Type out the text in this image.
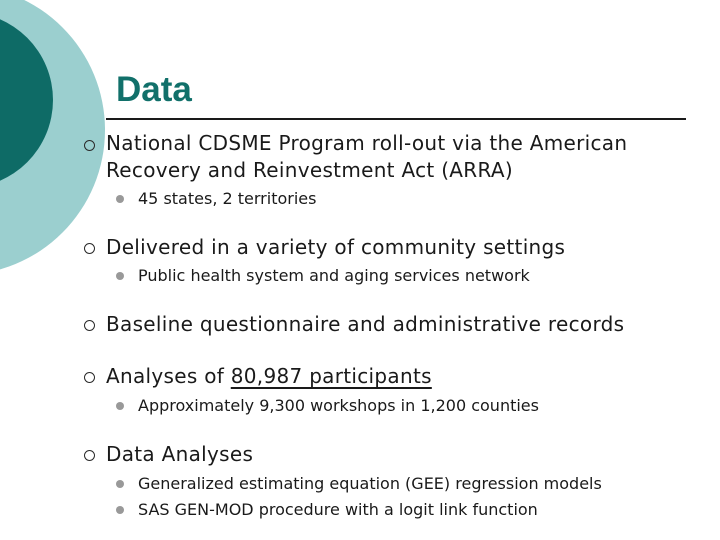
Data
National CDSME Program roll-out via the American Recovery and Reinvestment Act (ARRA)
45 states, 2 territories
Delivered in a variety of community settings
Public health system and aging services network
Baseline questionnaire and administrative records
Analyses of 80,987 participants
Approximately 9,300 workshops in 1,200 counties
Data Analyses
Generalized estimating equation (GEE) regression models
SAS GEN-MOD procedure with a logit link function
